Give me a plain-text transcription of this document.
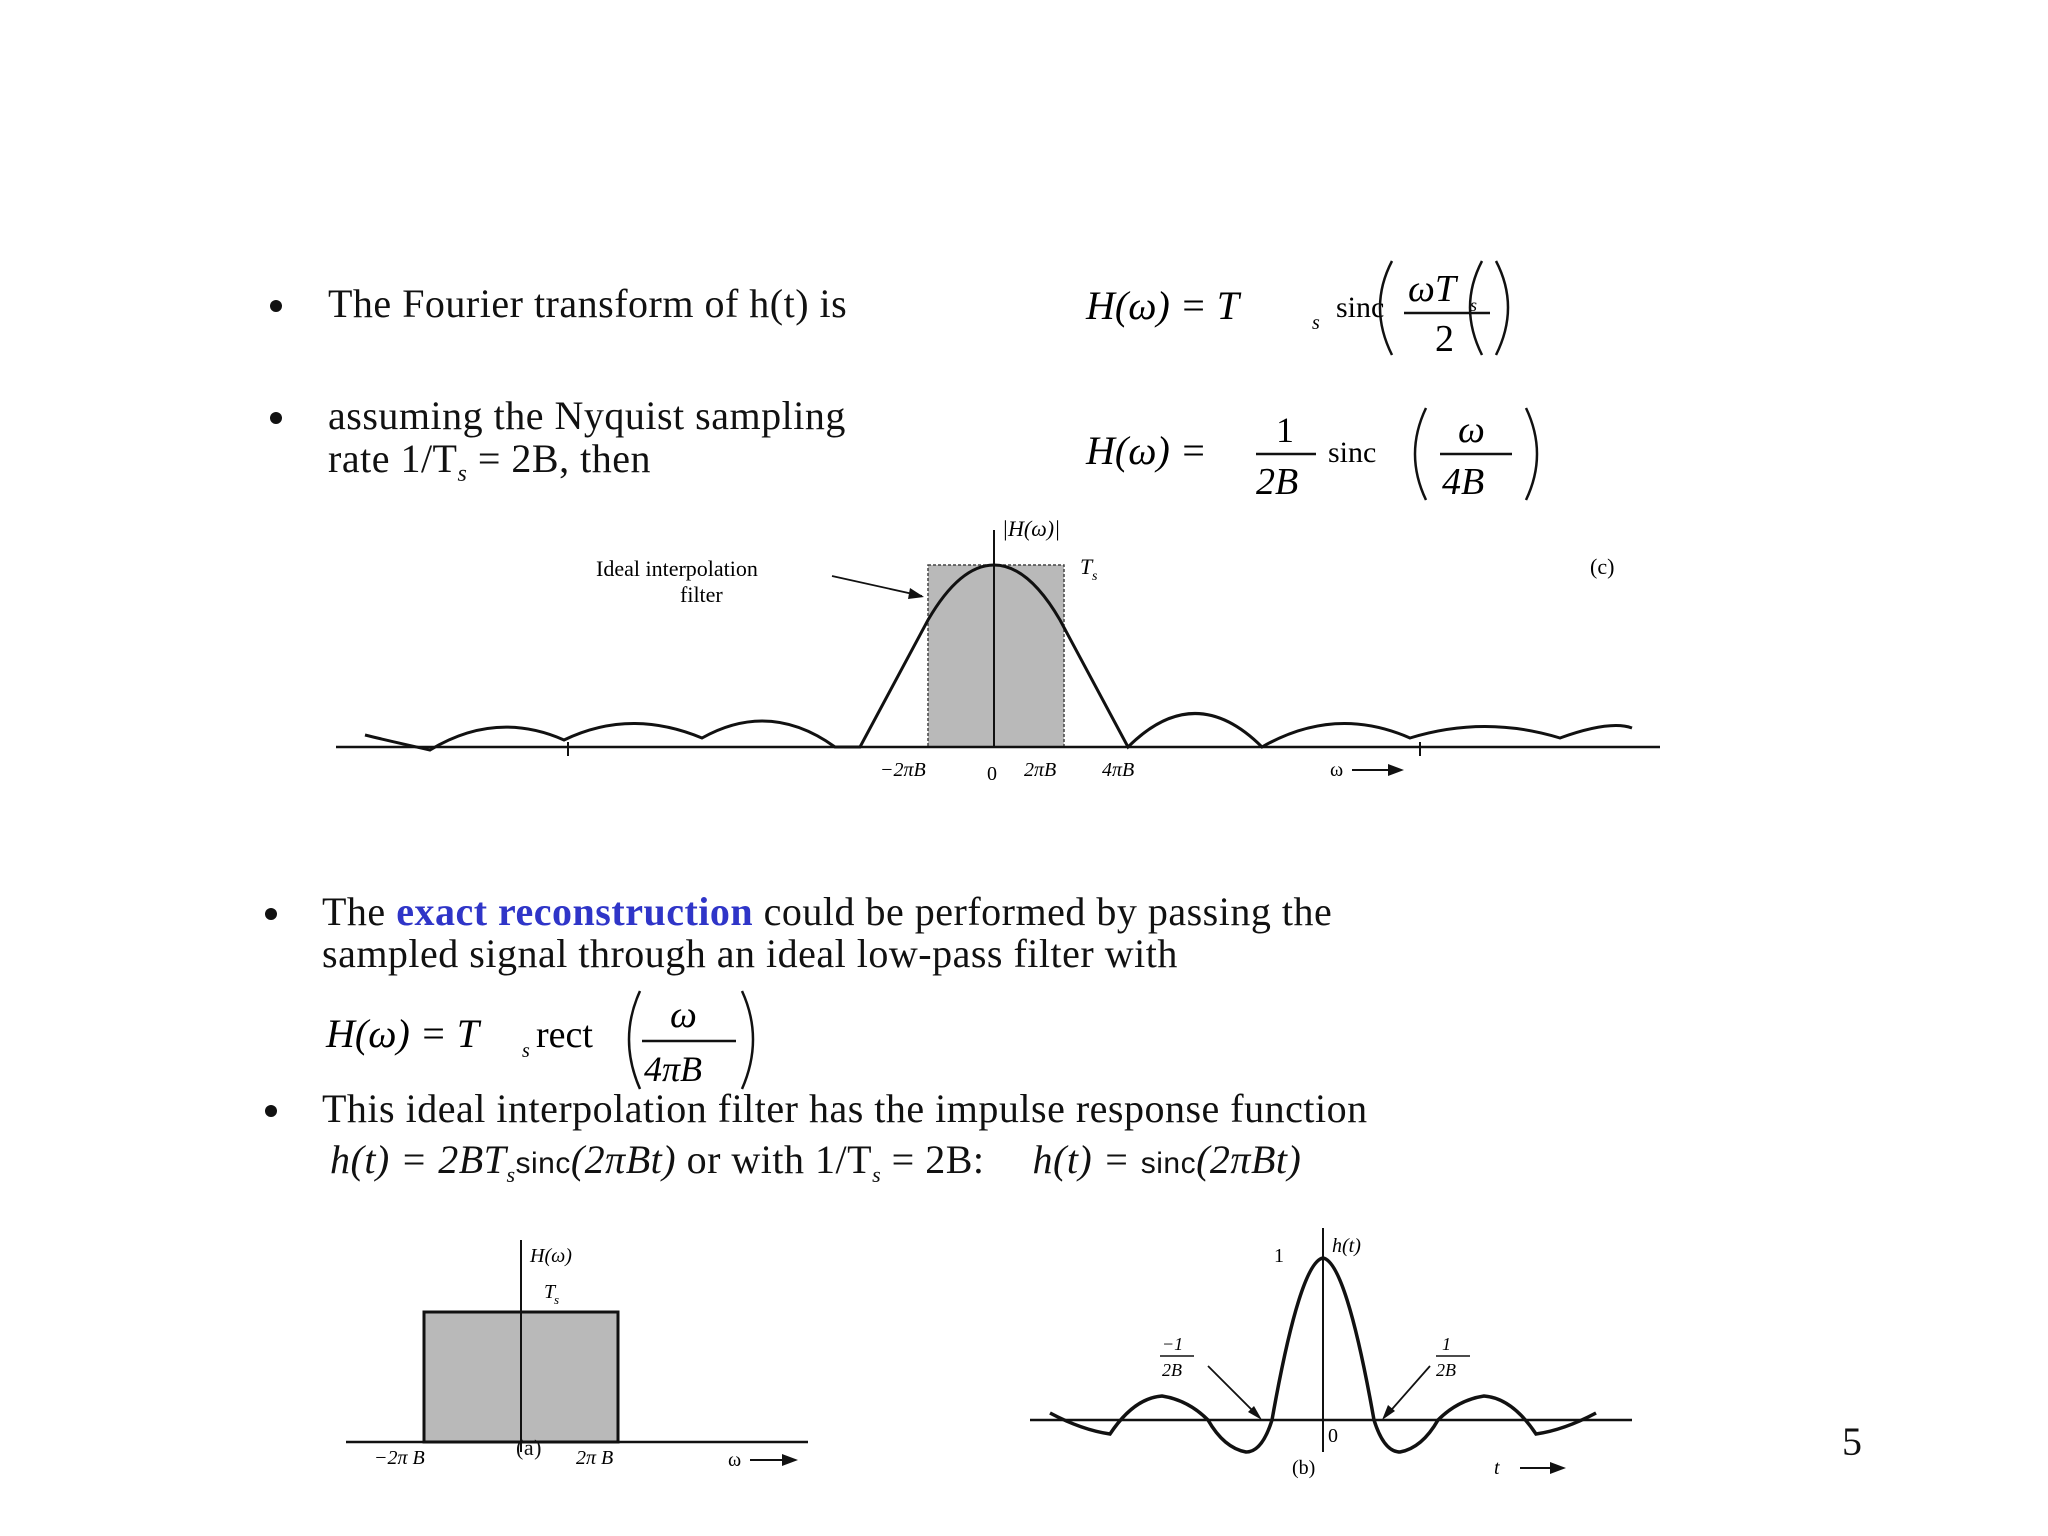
The Fourier transform of h(t) is	H(ω) = T	s sinc ωT s
2
assuming the Nyquist sampling
rate $1/T_s = 2B$, then	H(ω) = 1
2B
sinc
ω
4B
|H(ω)|
T s	(c)
Ideal interpolation
filter
−2πB	0 2πB 4πB	ω
The exact reconstruction could be performed by passing the
sampled signal through an ideal low-pass filter with
H(ω) = T s rect ω
4πB
This ideal interpolation filter has the impulse response function
$h(t) = 2BT_s\sin c(2\pi Bt)$ or with $1/T_s = 2B$: h(t) = sinc(2πBt)
H(ω)
T
s
−2π B	2π B	ω
(a)
h(t)
1
0
−1
2B
1
2B
t
(b)
5
